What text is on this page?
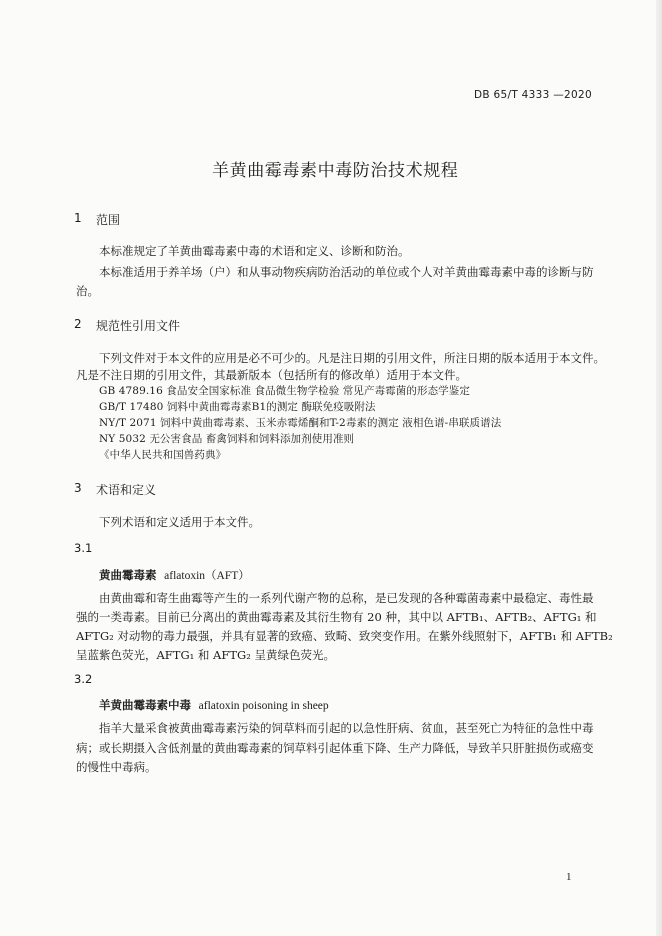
DB 65/T 4333 —2020
羊黄曲霉毒素中毒防治技术规程
1 范围
本标准规定了羊黄曲霉毒素中毒的术语和定义、诊断和防治。
本标准适用于养羊场（户）和从事动物疾病防治活动的单位或个人对羊黄曲霉毒素中毒的诊断与防
治。
2 规范性引用文件
下列文件对于本文件的应用是必不可少的。凡是注日期的引用文件，所注日期的版本适用于本文件。
凡是不注日期的引用文件，其最新版本（包括所有的修改单）适用于本文件。
GB 4789.16 食品安全国家标准 食品微生物学检验 常见产毒霉菌的形态学鉴定
GB/T 17480 饲料中黄曲霉毒素B1的测定 酶联免疫吸附法
NY/T 2071 饲料中黄曲霉毒素、玉米赤霉烯酮和T-2毒素的测定 液相色谱-串联质谱法
NY 5032 无公害食品 畜禽饲料和饲料添加剂使用准则
《中华人民共和国兽药典》
3 术语和定义
下列术语和定义适用于本文件。
3.1
黄曲霉毒素 aflatoxin（AFT）
由黄曲霉和寄生曲霉等产生的一系列代谢产物的总称，是已发现的各种霉菌毒素中最稳定、毒性最
强的一类毒素。目前已分离出的黄曲霉毒素及其衍生物有 20 种，其中以 AFTB₁、AFTB₂、AFTG₁ 和
AFTG₂ 对动物的毒力最强，并具有显著的致癌、致畸、致突变作用。在紫外线照射下，AFTB₁ 和 AFTB₂
呈蓝紫色荧光，AFTG₁ 和 AFTG₂ 呈黄绿色荧光。
3.2
羊黄曲霉毒素中毒 aflatoxin poisoning in sheep
指羊大量采食被黄曲霉毒素污染的饲草料而引起的以急性肝病、贫血，甚至死亡为特征的急性中毒
病；或长期摄入含低剂量的黄曲霉毒素的饲草料引起体重下降、生产力降低，导致羊只肝脏损伤或癌变
的慢性中毒病。
1
